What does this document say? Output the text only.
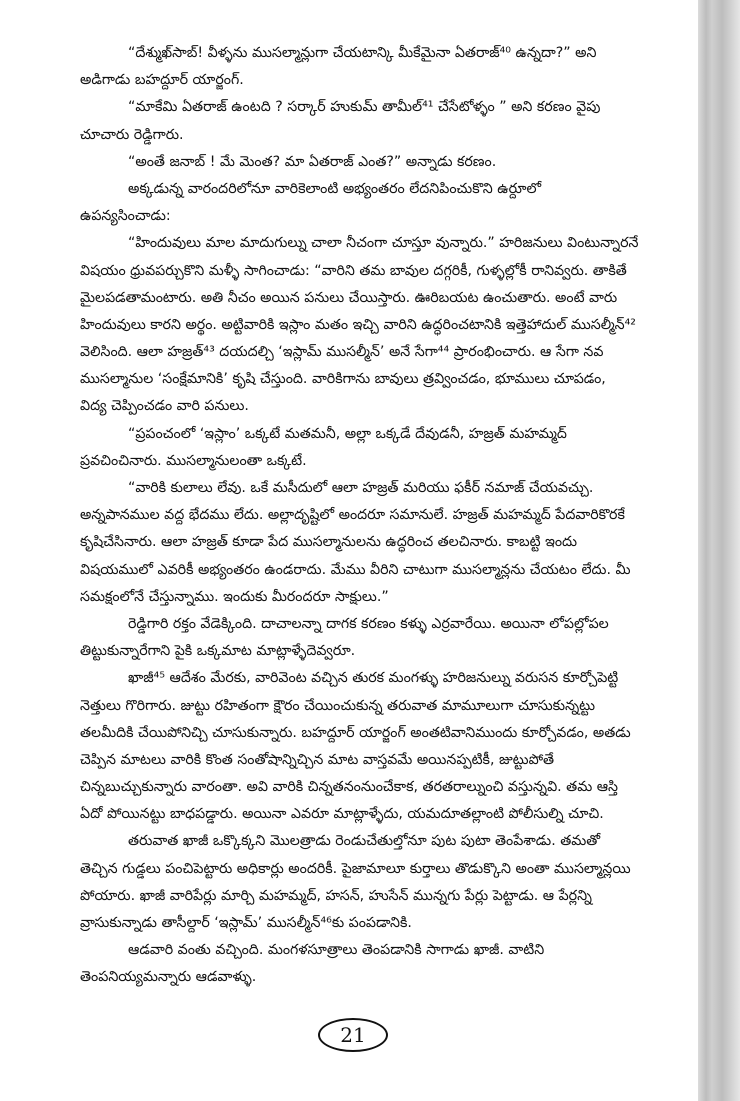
“దేశ్ముఖ్‌సాబ్! వీళ్ళను ముసల్మాన్లుగా చేయటాన్కి మీకేమైనా ఏతరాజ్⁴⁰ ఉన్నదా?” అని
అడిగాడు బహద్దూర్ యార్జంగ్.
“మాకేమి ఏతరాజ్ ఉంటది ? సర్కార్ హుకుమ్ తామీల్⁴¹ చేసేటోళ్ళం ” అని కరణం వైపు
చూచారు రెడ్డిగారు.
“అంతే జనాబ్ ! మే మెంత? మా ఏతరాజ్ ఎంత?” అన్నాడు కరణం.
అక్కడున్న వారందరిలోనూ వారికెలాంటి అభ్యంతరం లేదనిపించుకొని ఉర్దూలో
ఉపన్యసించాడు:
“హిందువులు మాల మాదుగుల్ను చాలా నీచంగా చూస్తూ వున్నారు.” హరిజనులు వింటున్నారనే
విషయం ధ్రువపర్చుకొని మళ్ళీ సాగించాడు: “వారిని తమ బావుల దగ్గరికీ, గుళ్ళల్లోకీ రానివ్వరు. తాకితే
మైలపడతామంటారు. అతి నీచం అయిన పనులు చేయిస్తారు. ఊరిబయట ఉంచుతారు. అంటే వారు
హిందువులు కారని అర్థం. అట్టివారికి ఇస్లాం మతం ఇచ్చి వారిని ఉద్ధరించటానికి ఇత్తెహాదుల్ ముసల్మీన్⁴²
వెలిసింది. ఆలా హజ్రత్⁴³ దయదల్చి ‘ఇస్లామ్ ముసల్మీన్’ అనే సేగా⁴⁴ ప్రారంభించారు. ఆ సేగా నవ
ముసల్మానుల ‘సంక్షేమానికి’ కృషి చేస్తుంది. వారికిగాను బావులు త్రవ్వించడం, భూములు చూపడం,
విద్య చెప్పించడం వారి పనులు.
“ప్రపంచంలో ‘ఇస్లాం’ ఒక్కటే మతమనీ, అల్లా ఒక్కడే దేవుడనీ, హజ్రత్ మహమ్మద్
ప్రవచించినారు. ముసల్మానులంతా ఒక్కటే.
“వారికి కులాలు లేవు. ఒకే మసీదులో ఆలా హజ్రత్ మరియు ఫకీర్ నమాజ్ చేయవచ్చు.
అన్నపానముల వద్ద భేదము లేదు. అల్లాదృష్టిలో అందరూ సమానులే. హజ్రత్ మహమ్మద్ పేదవారికొరకే
కృషిచేసినారు. ఆలా హజ్రత్ కూడా పేద ముసల్మానులను ఉద్ధరించ తలచినారు. కాబట్టి ఇందు
విషయములో ఎవరికీ అభ్యంతరం ఉండరాదు. మేము వీరిని చాటుగా ముసల్మాన్లను చేయటం లేదు. మీ
సమక్షంలోనే చేస్తున్నాము. ఇందుకు మీరందరూ సాక్షులు.”
రెడ్డిగారి రక్తం వేడెక్కింది. దాచాలన్నా దాగక కరణం కళ్ళు ఎర్రవారేయి. అయినా లోపల్లోపల
తిట్టుకున్నారేగాని పైకి ఒక్కమాట మాట్లాళ్ళేదెవ్వరూ.
ఖాజీ⁴⁵ ఆదేశం మేరకు, వారివెంట వచ్చిన తురక మంగళ్ళు హరిజనుల్ను వరుసన కూర్చోపెట్టి
నెత్తులు గొరిగారు. జుట్టు రహితంగా క్షౌరం చేయించుకున్న తరువాత మామూలుగా చూసుకున్నట్టు
తలమీదికి చేయిపోనిచ్చి చూసుకున్నారు. బహద్దూర్ యార్జంగ్ అంతటివానిముందు కూర్చోవడం, అతడు
చెప్పిన మాటలు వారికి కొంత సంతోషాన్నిచ్చిన మాట వాస్తవమే అయినప్పటికీ, జుట్టుపోతే
చిన్నబుచ్చుకున్నారు వారంతా. అవి వారికి చిన్నతనంనుంచేకాక, తరతరాల్నుంచి వస్తున్నవి. తమ ఆస్తి
ఏదో పోయినట్టు బాధపడ్డారు. అయినా ఎవరూ మాట్లాళ్ళేదు, యమదూతల్లాంటి పోలీసుల్ని చూచి.
తరువాత ఖాజీ ఒక్కొక్కని మొలత్రాడు రెండుచేతుల్తోనూ పుట పుటా తెంపేశాడు. తమతో
తెచ్చిన గుడ్డలు పంచిపెట్టారు అధికార్లు అందరికీ. పైజామాలూ కుర్తాలు తొడుక్కొని అంతా ముసల్మాన్లయి
పోయారు. ఖాజీ వారిపేర్లు మార్చి మహమ్మద్, హసన్, హుసేన్ మున్నగు పేర్లు పెట్టాడు. ఆ పేర్లన్ని
వ్రాసుకున్నాడు తాసీల్దార్ ‘ఇస్లామ్’ ముసల్మీన్⁴⁶కు పంపడానికి.
ఆడవారి వంతు వచ్చింది. మంగళసూత్రాలు తెంపడానికి సాగాడు ఖాజీ. వాటిని
తెంపనియ్యమన్నారు ఆడవాళ్ళు.
21
